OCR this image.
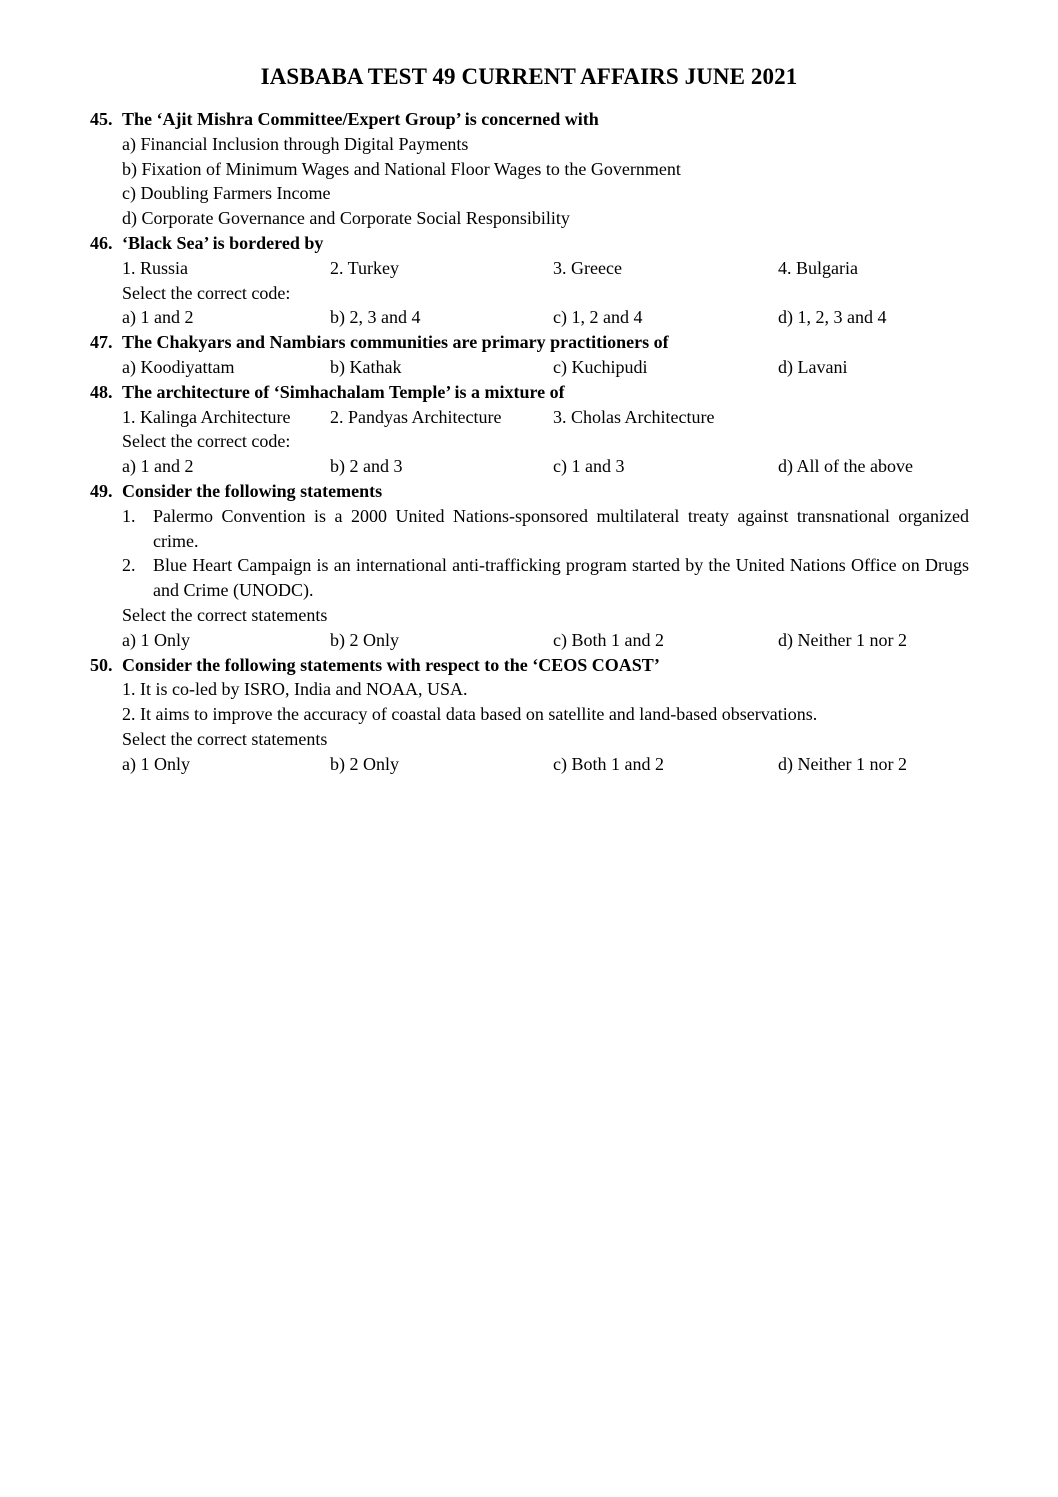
IASBABA TEST 49 CURRENT AFFAIRS JUNE 2021
45. The ‘Ajit Mishra Committee/Expert Group’ is concerned with
a) Financial Inclusion through Digital Payments
b) Fixation of Minimum Wages and National Floor Wages to the Government
c) Doubling Farmers Income
d) Corporate Governance and Corporate Social Responsibility
46. ‘Black Sea’ is bordered by
1. Russia	2. Turkey	3. Greece	4. Bulgaria
Select the correct code:
a) 1 and 2	b) 2, 3 and 4	c) 1, 2 and 4	d) 1, 2, 3 and 4
47. The Chakyars and Nambiars communities are primary practitioners of
a) Koodiyattam	b) Kathak	c) Kuchipudi	d) Lavani
48. The architecture of ‘Simhachalam Temple’ is a mixture of
1. Kalinga Architecture 2. Pandyas Architecture	3. Cholas Architecture
Select the correct code:
a) 1 and 2	b) 2 and 3	c) 1 and 3	d) All of the above
49. Consider the following statements
1. Palermo Convention is a 2000 United Nations-sponsored multilateral treaty against transnational organized crime.
2. Blue Heart Campaign is an international anti-trafficking program started by the United Nations Office on Drugs and Crime (UNODC).
Select the correct statements
a) 1 Only	b) 2 Only	c) Both 1 and 2	d) Neither 1 nor 2
50. Consider the following statements with respect to the ‘CEOS COAST’
1. It is co-led by ISRO, India and NOAA, USA.
2. It aims to improve the accuracy of coastal data based on satellite and land-based observations.
Select the correct statements
a) 1 Only	b) 2 Only	c) Both 1 and 2	d) Neither 1 nor 2
